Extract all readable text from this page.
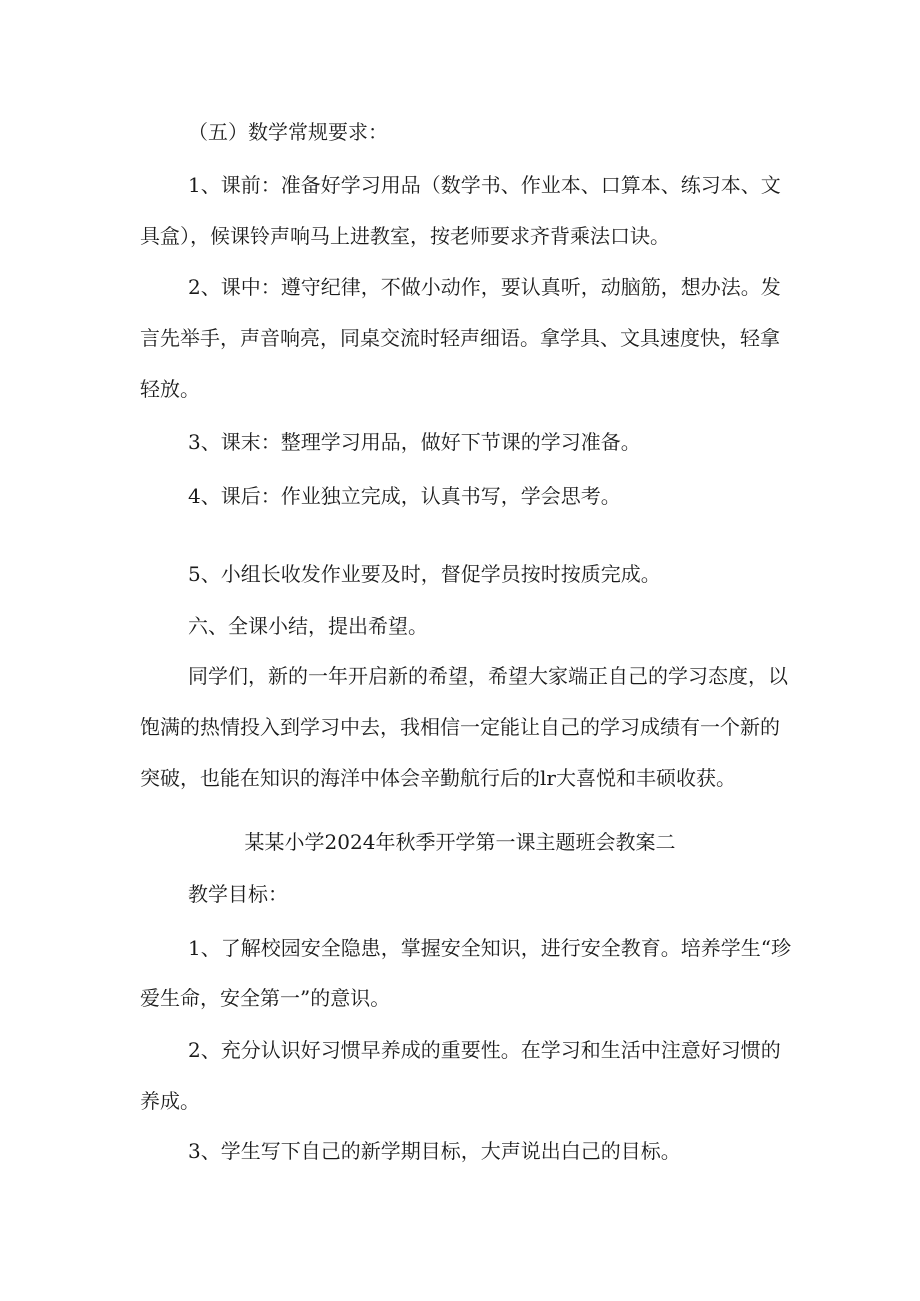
（五）数学常规要求：
1、课前：准备好学习用品（数学书、作业本、口算本、练习本、文
具盒），候课铃声响马上进教室，按老师要求齐背乘法口诀。
2、课中：遵守纪律，不做小动作，要认真听，动脑筋，想办法。发
言先举手，声音响亮，同桌交流时轻声细语。拿学具、文具速度快，轻拿
轻放。
3、课末：整理学习用品，做好下节课的学习准备。
4、课后：作业独立完成，认真书写，学会思考。
5、小组长收发作业要及时，督促学员按时按质完成。
六、全课小结，提出希望。
同学们，新的一年开启新的希望，希望大家端正自己的学习态度，以
饱满的热情投入到学习中去，我相信一定能让自己的学习成绩有一个新的
突破，也能在知识的海洋中体会辛勤航行后的lr大喜悦和丰硕收获。
某某小学2024年秋季开学第一课主题班会教案二
教学目标：
1、了解校园安全隐患，掌握安全知识，进行安全教育。培养学生“珍
爱生命，安全第一”的意识。
2、充分认识好习惯早养成的重要性。在学习和生活中注意好习惯的
养成。
3、学生写下自己的新学期目标，大声说出白己的目标。
